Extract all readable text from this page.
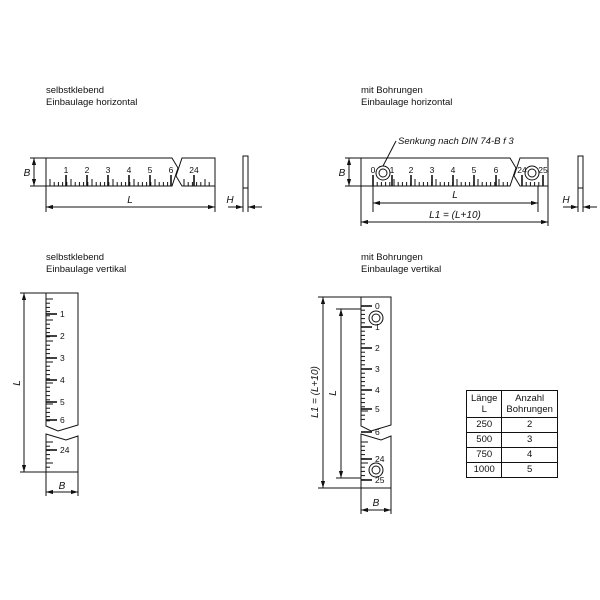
selbstklebend
Einbaulage horizontal
mit Bohrungen
Einbaulage horizontal
selbstklebend
Einbaulage vertikal
mit Bohrungen
Einbaulage vertikal
1 2 3 4 5 6 24
B
L	H
0 1 2 3 4 5 6 24 25
Senkung nach DIN 74-B f 3
B
L
L1 = (L+10)
H
1
2
3
4
5
6
24
L
B
0
1
2
3
4
5
6
24
25
L1 = (L+10) L
B
Länge
L	Anzahl
Bohrungen

250	2
500	3
750	4
1000	5
